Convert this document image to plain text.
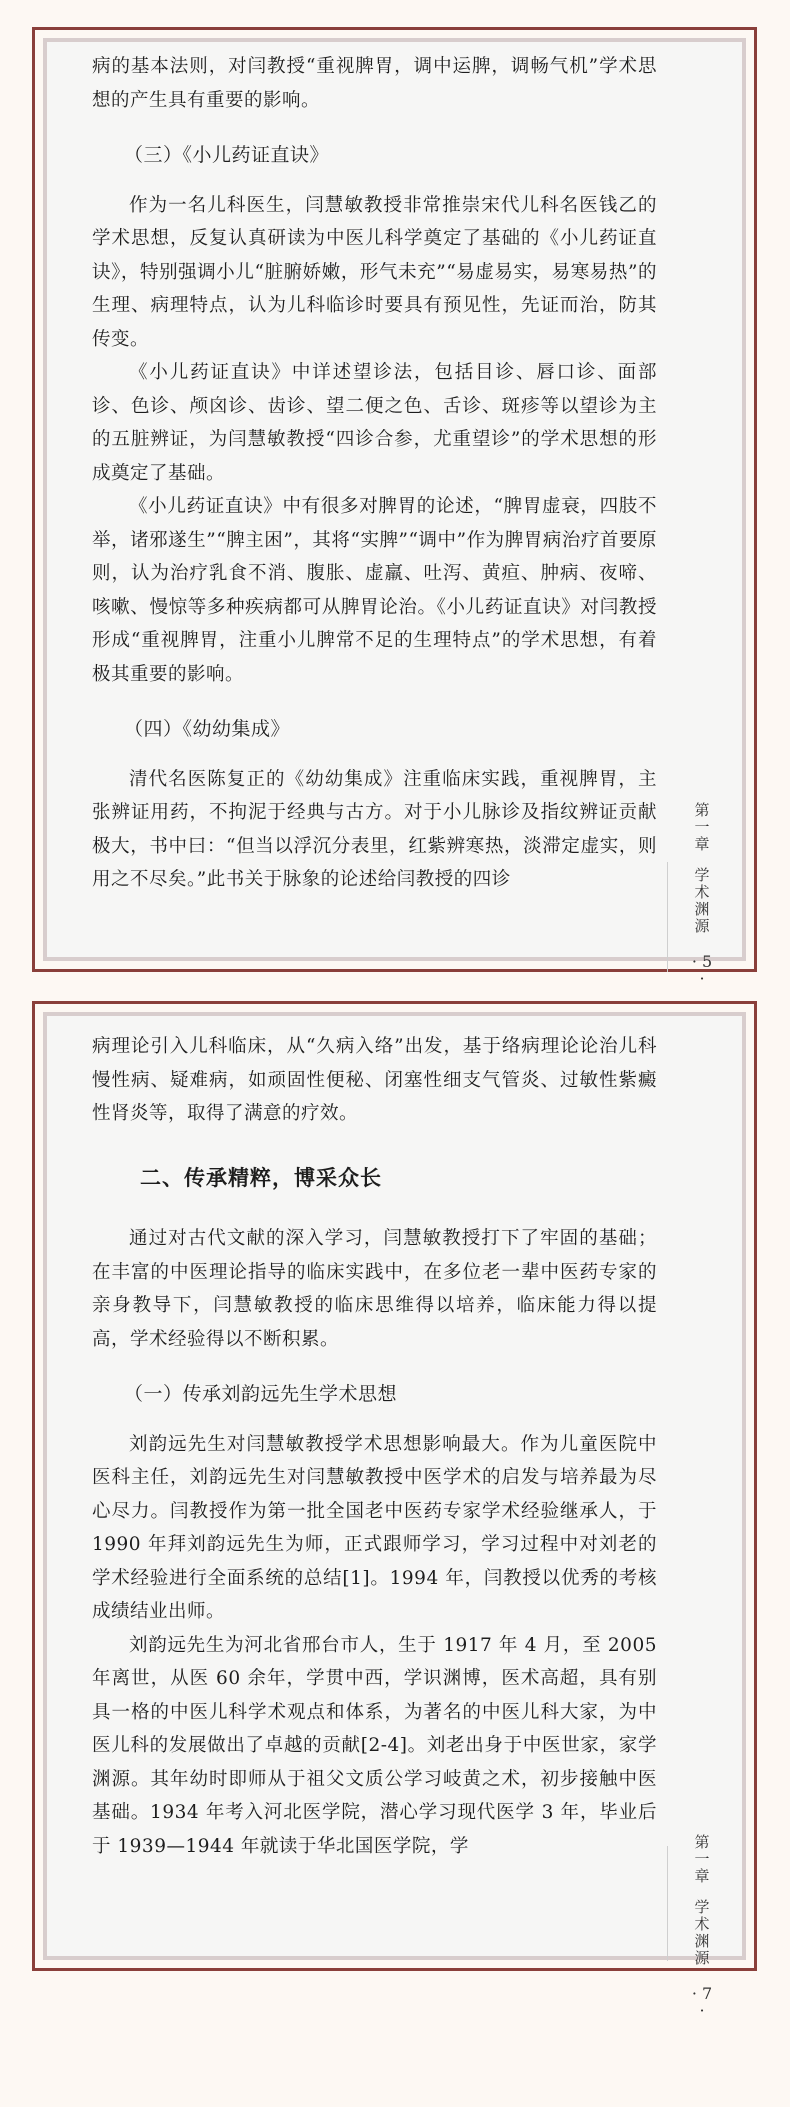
病的基本法则，对闫教授“重视脾胃，调中运脾，调畅气机”学术思想的产生具有重要的影响。

（三）《小儿药证直诀》

作为一名儿科医生，闫慧敏教授非常推崇宋代儿科名医钱乙的学术思想，反复认真研读为中医儿科学奠定了基础的《小儿药证直诀》，特别强调小儿“脏腑娇嫩，形气未充”“易虚易实，易寒易热”的生理、病理特点，认为儿科临诊时要具有预见性，先证而治，防其传变。

《小儿药证直诀》中详述望诊法，包括目诊、唇口诊、面部诊、色诊、颅囟诊、齿诊、望二便之色、舌诊、斑疹等以望诊为主的五脏辨证，为闫慧敏教授“四诊合参，尤重望诊”的学术思想的形成奠定了基础。

《小儿药证直诀》中有很多对脾胃的论述，“脾胃虚衰，四肢不举，诸邪遂生”“脾主困”，其将“实脾”“调中”作为脾胃病治疗首要原则，认为治疗乳食不消、腹胀、虚羸、吐泻、黄疸、肿病、夜啼、咳嗽、慢惊等多种疾病都可从脾胃论治。《小儿药证直诀》对闫教授形成“重视脾胃，注重小儿脾常不足的生理特点”的学术思想，有着极其重要的影响。

（四）《幼幼集成》

清代名医陈复正的《幼幼集成》注重临床实践，重视脾胃，主张辨证用药，不拘泥于经典与古方。对于小儿脉诊及指纹辨证贡献极大，书中曰：“但当以浮沉分表里，红紫辨寒热，淡滞定虚实，则用之不尽矣。”此书关于脉象的论述给闫教授的四诊

第一章
学术渊源
· 5 ·

病理论引入儿科临床，从“久病入络”出发，基于络病理论论治儿科慢性病、疑难病，如顽固性便秘、闭塞性细支气管炎、过敏性紫癜性肾炎等，取得了满意的疗效。

二、传承精粹，博采众长

通过对古代文献的深入学习，闫慧敏教授打下了牢固的基础；在丰富的中医理论指导的临床实践中，在多位老一辈中医药专家的亲身教导下，闫慧敏教授的临床思维得以培养，临床能力得以提高，学术经验得以不断积累。

（一）传承刘韵远先生学术思想

刘韵远先生对闫慧敏教授学术思想影响最大。作为儿童医院中医科主任，刘韵远先生对闫慧敏教授中医学术的启发与培养最为尽心尽力。闫教授作为第一批全国老中医药专家学术经验继承人，于 1990 年拜刘韵远先生为师，正式跟师学习，学习过程中对刘老的学术经验进行全面系统的总结[1]。1994 年，闫教授以优秀的考核成绩结业出师。

刘韵远先生为河北省邢台市人，生于 1917 年 4 月，至 2005 年离世，从医 60 余年，学贯中西，学识渊博，医术高超，具有别具一格的中医儿科学术观点和体系，为著名的中医儿科大家，为中医儿科的发展做出了卓越的贡献[2-4]。刘老出身于中医世家，家学渊源。其年幼时即师从于祖父文质公学习岐黄之术，初步接触中医基础。1934 年考入河北医学院，潜心学习现代医学 3 年，毕业后于 1939—1944 年就读于华北国医学院，学	第一章
学术渊源
· 7 ·
